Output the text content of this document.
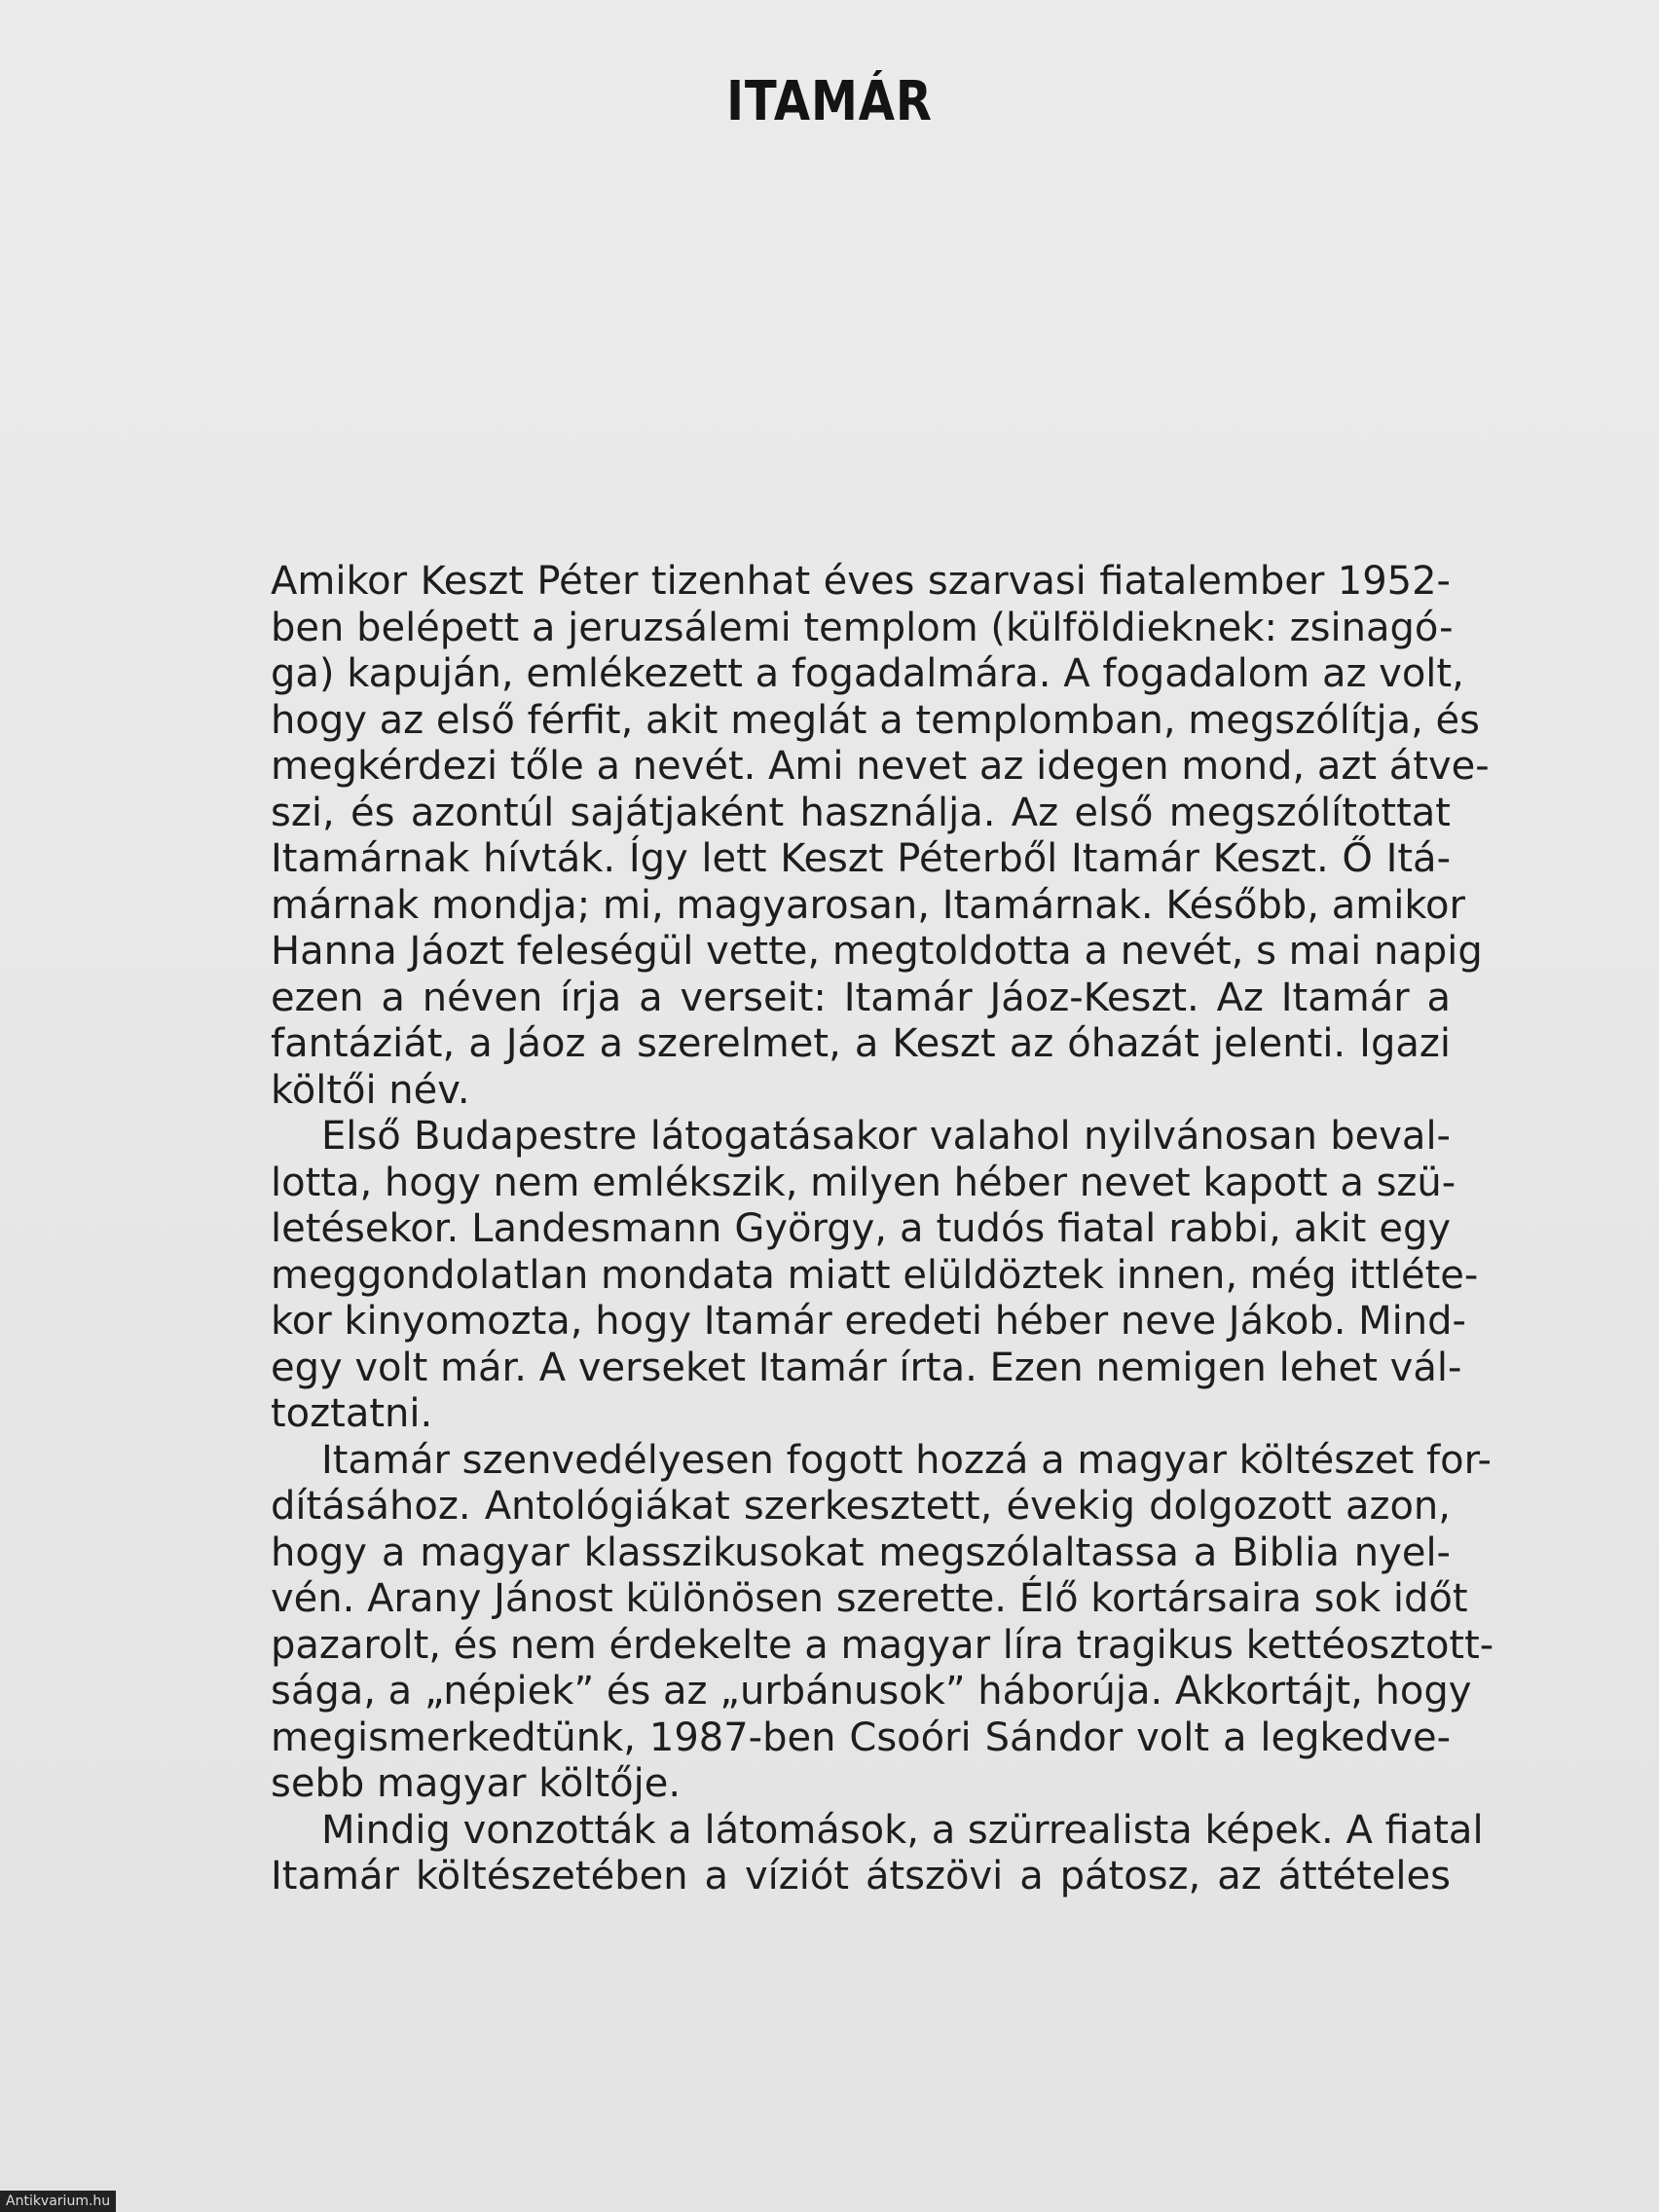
ITAMÁR
Amikor Keszt Péter tizenhat éves szarvasi fiatalember 1952-
ben belépett a jeruzsálemi templom (külföldieknek: zsinagó-
ga) kapuján, emlékezett a fogadalmára. A fogadalom az volt,
hogy az első férfit, akit meglát a templomban, megszólítja, és
megkérdezi tőle a nevét. Ami nevet az idegen mond, azt átve-
szi, és azontúl sajátjaként használja. Az első megszólítottat
Itamárnak hívták. Így lett Keszt Péterből Itamár Keszt. Ő Itá-
márnak mondja; mi, magyarosan, Itamárnak. Később, amikor
Hanna Jáozt feleségül vette, megtoldotta a nevét, s mai napig
ezen a néven írja a verseit: Itamár Jáoz-Keszt. Az Itamár a
fantáziát, a Jáoz a szerelmet, a Keszt az óhazát jelenti. Igazi
költői név.
Első Budapestre látogatásakor valahol nyilvánosan beval-
lotta, hogy nem emlékszik, milyen héber nevet kapott a szü-
letésekor. Landesmann György, a tudós fiatal rabbi, akit egy
meggondolatlan mondata miatt elüldöztek innen, még ittléte-
kor kinyomozta, hogy Itamár eredeti héber neve Jákob. Mind-
egy volt már. A verseket Itamár írta. Ezen nemigen lehet vál-
toztatni.
Itamár szenvedélyesen fogott hozzá a magyar költészet for-
dításához. Antológiákat szerkesztett, évekig dolgozott azon,
hogy a magyar klasszikusokat megszólaltassa a Biblia nyel-
vén. Arany Jánost különösen szerette. Élő kortársaira sok időt
pazarolt, és nem érdekelte a magyar líra tragikus kettéosztott-
sága, a „népiek” és az „urbánusok” háborúja. Akkortájt, hogy
megismerkedtünk, 1987-ben Csoóri Sándor volt a legkedve-
sebb magyar költője.
Mindig vonzották a látomások, a szürrealista képek. A fiatal
Itamár költészetében a víziót átszövi a pátosz, az áttételes
Antikvarium.hu
